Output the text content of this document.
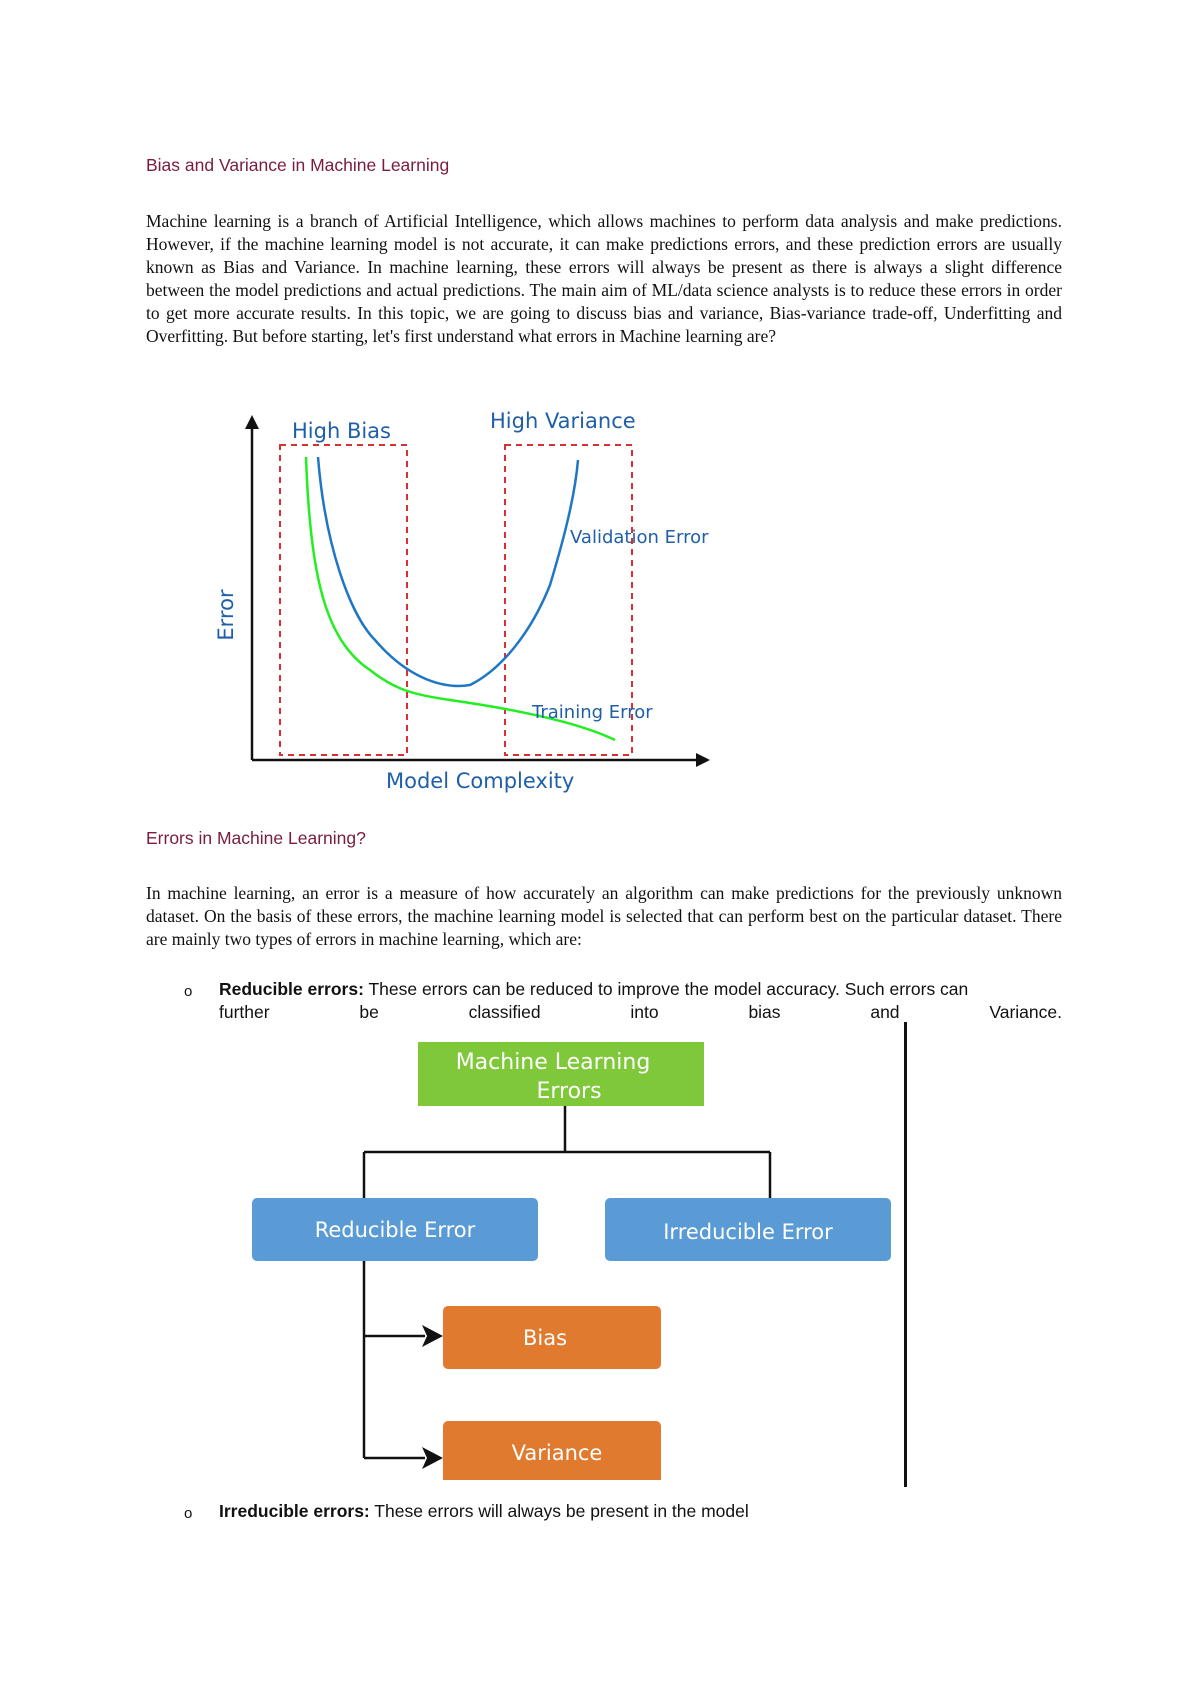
Bias and Variance in Machine Learning

Machine learning is a branch of Artificial Intelligence, which allows machines to perform data analysis and make predictions. However, if the machine learning model is not accurate, it can make predictions errors, and these prediction errors are usually known as Bias and Variance. In machine learning, these errors will always be present as there is always a slight difference between the model predictions and actual predictions. The main aim of ML/data science analysts is to reduce these errors in order to get more accurate results. In this topic, we are going to discuss bias and variance, Bias-variance trade-off, Underfitting and Overfitting. But before starting, let's first understand what errors in Machine learning are?

High Bias	High Variance
Validation Error
Training Error
Model Complexity
Error
Errors in Machine Learning?

In machine learning, an error is a measure of how accurately an algorithm can make predictions for the previously unknown dataset. On the basis of these errors, the machine learning model is selected that can perform best on the particular dataset. There are mainly two types of errors in machine learning, which are:

o Reducible errors: These errors can be reduced to improve the model accuracy. Such errors can
further	be	classified	into	bias	and	Variance.
Machine Learning
Errors
Reducible Error	Irreducible Error
Bias
Variance
o Irreducible errors: These errors will always be present in the model
